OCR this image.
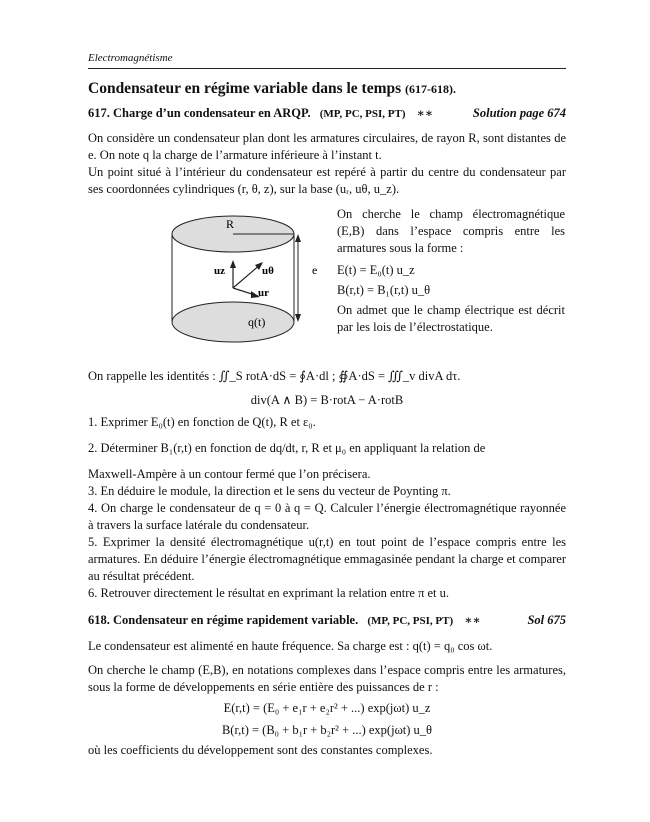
Electromagnétisme
Condensateur en régime variable dans le temps (617-618).
617. Charge d’un condensateur en ARQP. (MP, PC, PSI, PT) ∗∗	Solution page 674
On considère un condensateur plan dont les armatures circulaires, de rayon R, sont distantes de e. On note q la charge de l’armature inférieure à l’instant t.
Un point situé à l’intérieur du condensateur est repéré à partir du centre du condensateur par ses coordonnées cylindriques (r, θ, z), sur la base (uᵣ, uθ, u_z).
R
e
uz	uθ
ur
q(t)
On cherche le champ électromagnétique (E,B) dans l’espace compris entre les armatures sous la forme :
E(t) = E₀(t) u_z
B(r,t) = B₁(r,t) u_θ
On admet que le champ électrique est décrit par les lois de l’électrostatique.
On rappelle les identités : ∬_S rotA·dS = ∮A·dl ; ∯A·dS = ∭_v divA dτ.
div(A ∧ B) = B·rotA − A·rotB
1. Exprimer E₀(t) en fonction de Q(t), R et ε₀.
2. Déterminer B₁(r,t) en fonction de dq/dt, r, R et μ₀ en appliquant la relation de
Maxwell-Ampère à un contour fermé que l’on précisera.
3. En déduire le module, la direction et le sens du vecteur de Poynting π.
4. On charge le condensateur de q = 0 à q = Q. Calculer l’énergie électromagnétique rayonnée à travers la surface latérale du condensateur.
5. Exprimer la densité électromagnétique u(r,t) en tout point de l’espace compris entre les armatures. En déduire l’énergie électromagnétique emmagasinée pendant la charge et comparer au résultat précédent.
6. Retrouver directement le résultat en exprimant la relation entre π et u.
618. Condensateur en régime rapidement variable. (MP, PC, PSI, PT) ∗∗	Sol 675
Le condensateur est alimenté en haute fréquence. Sa charge est : q(t) = q₀ cos ωt.
On cherche le champ (E,B), en notations complexes dans l’espace compris entre les armatures, sous la forme de développements en série entière des puissances de r :
E(r,t) = (E₀ + e₁r + e₂r² + ...) exp(jωt) u_z
B(r,t) = (B₀ + b₁r + b₂r² + ...) exp(jωt) u_θ
où les coefficients du développement sont des constantes complexes.
